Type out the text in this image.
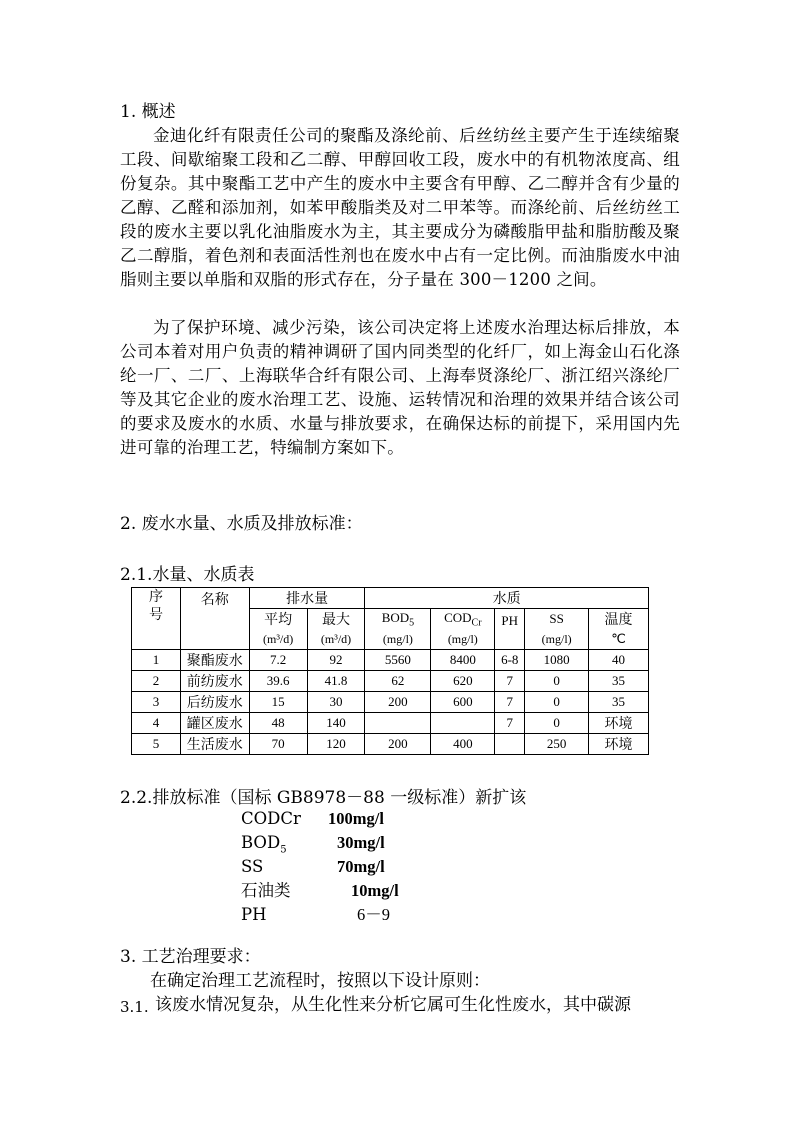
1. 概述
金迪化纤有限责任公司的聚酯及涤纶前、后丝纺丝主要产生于连续缩聚工段、间歇缩聚工段和乙二醇、甲醇回收工段，废水中的有机物浓度高、组份复杂。其中聚酯工艺中产生的废水中主要含有甲醇、乙二醇并含有少量的乙醇、乙醛和添加剂，如苯甲酸脂类及对二甲苯等。而涤纶前、后丝纺丝工段的废水主要以乳化油脂废水为主，其主要成分为磷酸脂甲盐和脂肪酸及聚乙二醇脂，着色剂和表面活性剂也在废水中占有一定比例。而油脂废水中油脂则主要以单脂和双脂的形式存在，分子量在 300－1200 之间。
为了保护环境、减少污染，该公司决定将上述废水治理达标后排放，本公司本着对用户负责的精神调研了国内同类型的化纤厂，如上海金山石化涤纶一厂、二厂、上海联华合纤有限公司、上海奉贤涤纶厂、浙江绍兴涤纶厂等及其它企业的废水治理工艺、设施、运转情况和治理的效果并结合该公司的要求及废水的水质、水量与排放要求，在确保达标的前提下，采用国内先进可靠的治理工艺，特编制方案如下。
2. 废水水量、水质及排放标准：
2.1.水量、水质表
序号	名称	排水量		水质				
		平均	最大	$BOD_5$	$COD_{Cr}$	PH	SS	温度
		(m³/d)	(m³/d)	(mg/l)	(mg/l)		(mg/l)	℃
1	聚酯废水	7.2	92	5560	8400	6-8	1080	40
2	前纺废水	39.6	41.8	62	620	7	0	35
3	后纺废水	15	30	200	600	7	0	35
4	罐区废水	48	140			7	0	环境
5	生活废水	70	120	200	400		250	环境
2.2.排放标准（国标 GB8978－88 一级标准）新扩该
CODCr 100mg/l
$BOD_5$	30mg/l
SS	70mg/l
石油类	10mg/l
PH	6－9
3. 工艺治理要求：
在确定治理工艺流程时，按照以下设计原则：
3.1. 该废水情况复杂，从生化性来分析它属可生化性废水，其中碳源
